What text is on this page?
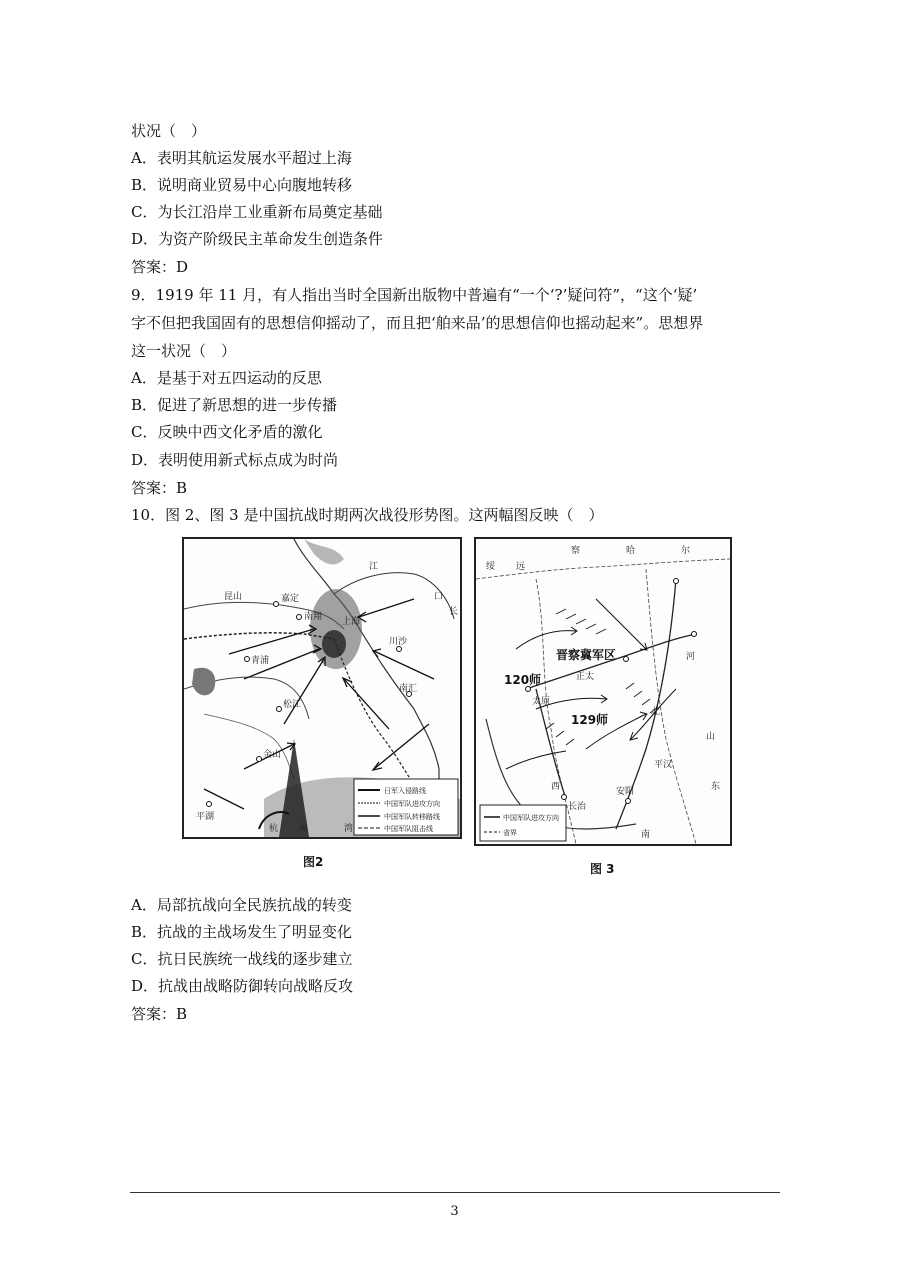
状况（　）
A．表明其航运发展水平超过上海
B．说明商业贸易中心向腹地转移
C．为长江沿岸工业重新布局奠定基础
D．为资产阶级民主革命发生创造条件
答案：D
9．1919 年 11 月，有人指出当时全国新出版物中普遍有“一个‘?’疑问符”，“这个‘疑’
字不但把我国固有的思想信仰摇动了，而且把‘舶来品’的思想信仰也摇动起来”。思想界
这一状况（　）
A．是基于对五四运动的反思
B．促进了新思想的进一步传播
C．反映中西文化矛盾的激化
D．表明使用新式标点成为时尚
答案：B
10．图 2、图 3 是中国抗战时期两次战役形势图。这两幅图反映（　）
嘉定
南翔 上海
川沙
南汇
青浦
松江
金山
平湖
昆山
江
长
口
杭 州	湾
日军入侵路线
中国军队进攻方向
中国军队转移路线
中国军队阻击线
图2
晋察冀军区
120师
129师
绥 远
察	哈	尔
河
北
山
西	东
南
太原
长治
安阳
平汉
正太
中国军队进攻方向
省界
图 3
A．局部抗战向全民族抗战的转变
B．抗战的主战场发生了明显变化
C．抗日民族统一战线的逐步建立
D．抗战由战略防御转向战略反攻
答案：B
3
